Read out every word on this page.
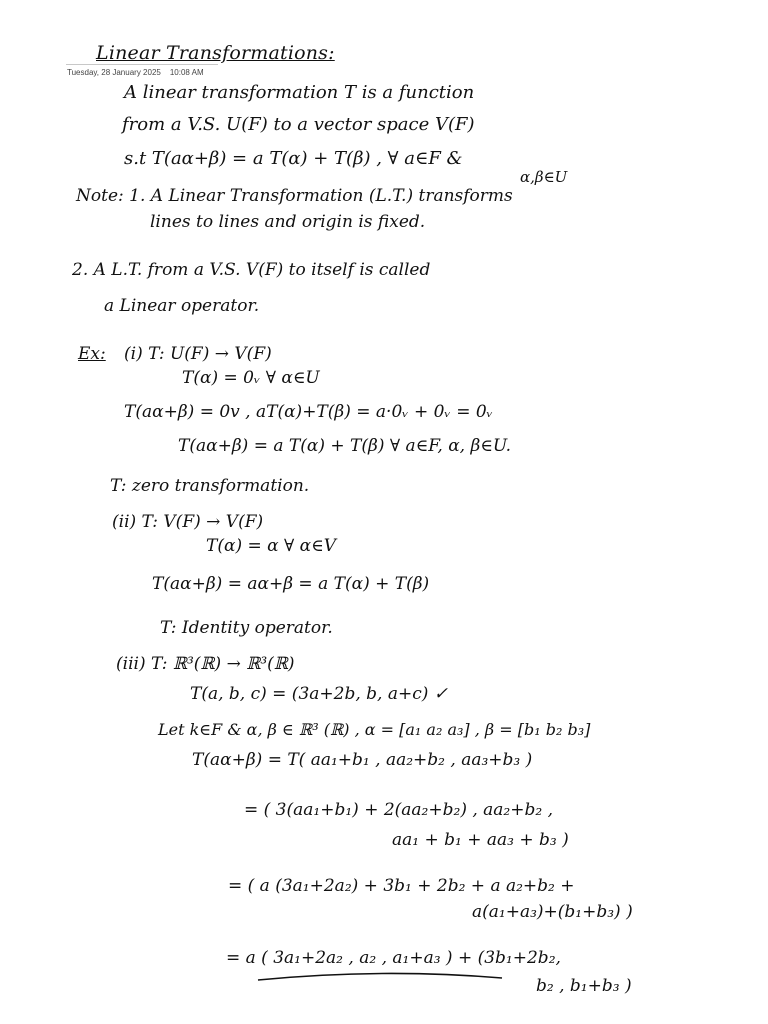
Linear Transformations:
Tuesday, 28 January 2025 10:08 AM
A linear transformation T is a function
from a V.S. U(F) to a vector space V(F)
s.t T(aα+β) = a T(α) + T(β) , ∀ a∈F &
α,β∈U
Note: 1. A Linear Transformation (L.T.) transforms
lines to lines and origin is fixed.
2. A L.T. from a V.S. V(F) to itself is called
a Linear operator.
Ex: (i) T: U(F) → V(F)
T(α) = 0ᵥ ∀ α∈U
T(aα+β) = 0v , aT(α)+T(β) = a·0ᵥ + 0ᵥ = 0ᵥ
T(aα+β) = a T(α) + T(β) ∀ a∈F, α, β∈U.
T: zero transformation.
(ii) T: V(F) → V(F)
T(α) = α ∀ α∈V
T(aα+β) = aα+β = a T(α) + T(β)
T: Identity operator.
(iii) T: ℝ³(ℝ) → ℝ³(ℝ)
T(a, b, c) = (3a+2b, b, a+c) ✓
Let k∈F & α, β ∈ ℝ³ (ℝ) , α = [a₁ a₂ a₃] , β = [b₁ b₂ b₃]
T(aα+β) = T( aa₁+b₁ , aa₂+b₂ , aa₃+b₃ )
= ( 3(aa₁+b₁) + 2(aa₂+b₂) , aa₂+b₂ ,
aa₁ + b₁ + aa₃ + b₃ )
= ( a (3a₁+2a₂) + 3b₁ + 2b₂ + a a₂+b₂ +
a(a₁+a₃)+(b₁+b₃) )
= a ( 3a₁+2a₂ , a₂ , a₁+a₃ ) + (3b₁+2b₂,
b₂ , b₁+b₃ )
